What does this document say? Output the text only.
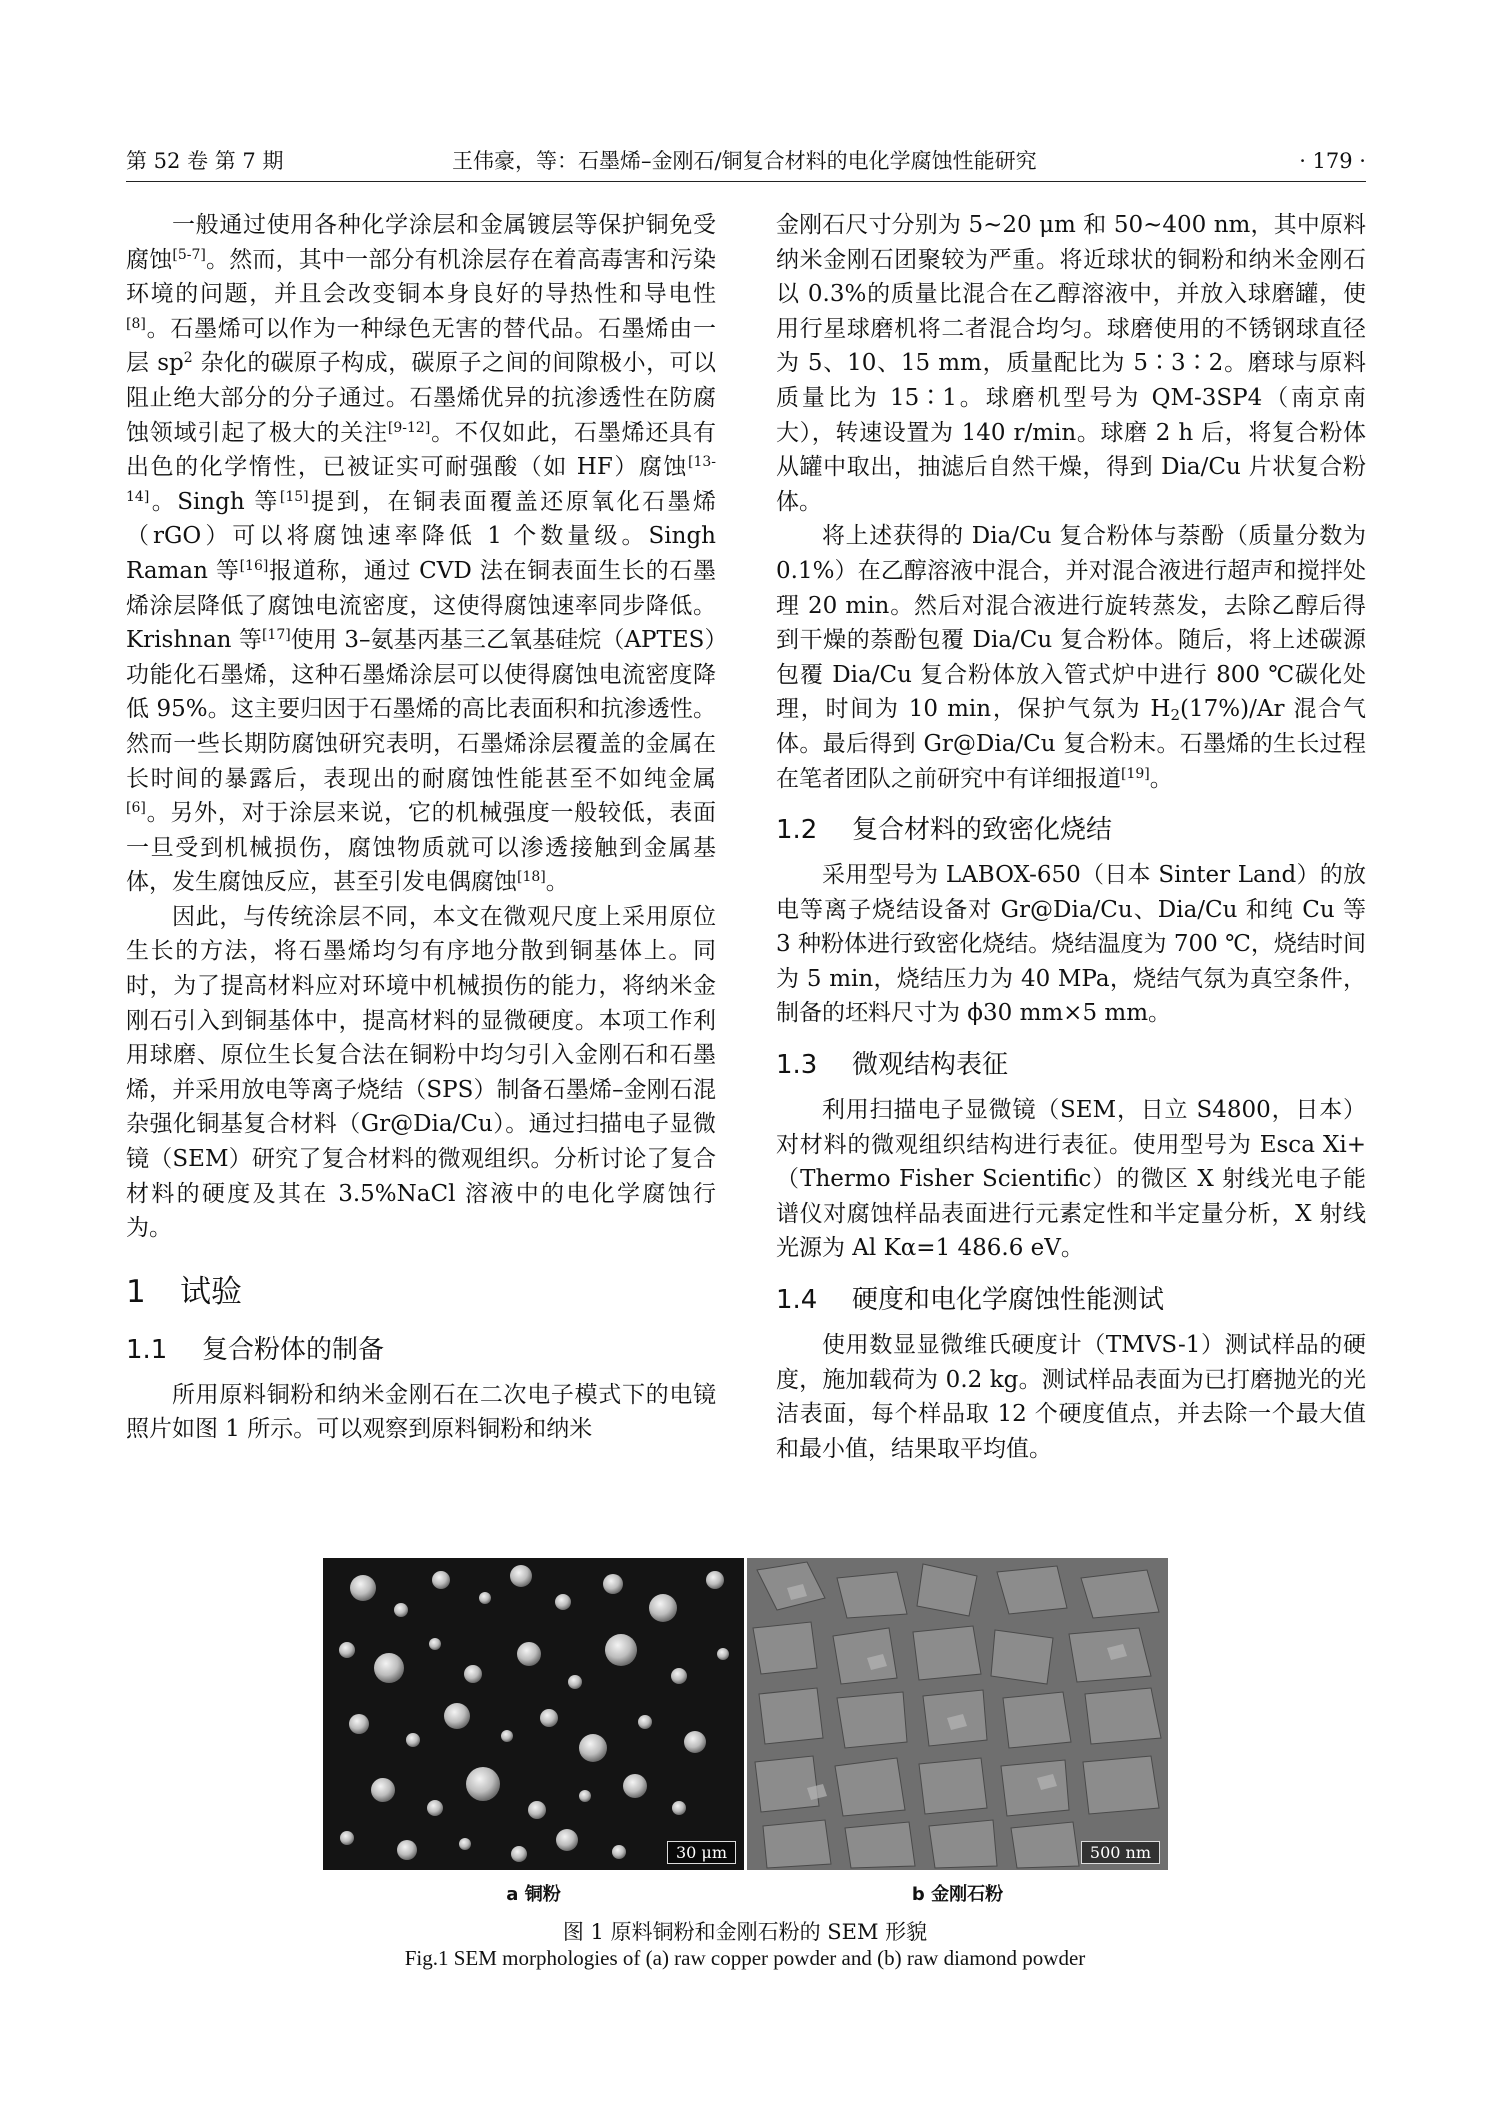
第 52 卷 第 7 期	王伟豪，等：石墨烯–金刚石/铜复合材料的电化学腐蚀性能研究	· 179 ·

一般通过使用各种化学涂层和金属镀层等保护铜免受腐蚀[5-7]。然而，其中一部分有机涂层存在着高毒害和污染环境的问题，并且会改变铜本身良好的导热性和导电性[8]。石墨烯可以作为一种绿色无害的替代品。石墨烯由一层 $sp^2$ 杂化的碳原子构成，碳原子之间的间隙极小，可以阻止绝大部分的分子通过。石墨烯优异的抗渗透性在防腐蚀领域引起了极大的关注[9-12]。不仅如此，石墨烯还具有出色的化学惰性，已被证实可耐强酸（如 HF）腐蚀[13-14]。Singh 等[15]提到，在铜表面覆盖还原氧化石墨烯（rGO）可以将腐蚀速率降低 1 个数量级。Singh Raman 等[16]报道称，通过 CVD 法在铜表面生长的石墨烯涂层降低了腐蚀电流密度，这使得腐蚀速率同步降低。Krishnan 等[17]使用 3–氨基丙基三乙氧基硅烷（APTES）功能化石墨烯，这种石墨烯涂层可以使得腐蚀电流密度降低 95%。这主要归因于石墨烯的高比表面积和抗渗透性。然而一些长期防腐蚀研究表明，石墨烯涂层覆盖的金属在长时间的暴露后，表现出的耐腐蚀性能甚至不如纯金属[6]。另外，对于涂层来说，它的机械强度一般较低，表面一旦受到机械损伤，腐蚀物质就可以渗透接触到金属基体，发生腐蚀反应，甚至引发电偶腐蚀[18]。

因此，与传统涂层不同，本文在微观尺度上采用原位生长的方法，将石墨烯均匀有序地分散到铜基体上。同时，为了提高材料应对环境中机械损伤的能力，将纳米金刚石引入到铜基体中，提高材料的显微硬度。本项工作利用球磨、原位生长复合法在铜粉中均匀引入金刚石和石墨烯，并采用放电等离子烧结（SPS）制备石墨烯–金刚石混杂强化铜基复合材料（Gr@Dia/Cu）。通过扫描电子显微镜（SEM）研究了复合材料的微观组织。分析讨论了复合材料的硬度及其在 3.5%NaCl 溶液中的电化学腐蚀行为。

1 试验
1.1 复合粉体的制备

所用原料铜粉和纳米金刚石在二次电子模式下的电镜照片如图 1 所示。可以观察到原料铜粉和纳米

金刚石尺寸分别为 5~20 μm 和 50~400 nm，其中原料纳米金刚石团聚较为严重。将近球状的铜粉和纳米金刚石以 0.3%的质量比混合在乙醇溶液中，并放入球磨罐，使用行星球磨机将二者混合均匀。球磨使用的不锈钢球直径为 5、10、15 mm，质量配比为 5∶3∶2。磨球与原料质量比为 15∶1。球磨机型号为 QM-3SP4（南京南大），转速设置为 140 r/min。球磨 2 h 后，将复合粉体从罐中取出，抽滤后自然干燥，得到 Dia/Cu 片状复合粉体。

将上述获得的 Dia/Cu 复合粉体与萘酚（质量分数为 0.1%）在乙醇溶液中混合，并对混合液进行超声和搅拌处理 20 min。然后对混合液进行旋转蒸发，去除乙醇后得到干燥的萘酚包覆 Dia/Cu 复合粉体。随后，将上述碳源包覆 Dia/Cu 复合粉体放入管式炉中进行 800 ℃碳化处理，时间为 10 min，保护气氛为 $H_2(17\%)/Ar$ 混合气体。最后得到 Gr@Dia/Cu 复合粉末。石墨烯的生长过程在笔者团队之前研究中有详细报道[19]。

1.2 复合材料的致密化烧结

采用型号为 LABOX-650（日本 Sinter Land）的放电等离子烧结设备对 Gr@Dia/Cu、Dia/Cu 和纯 Cu 等 3 种粉体进行致密化烧结。烧结温度为 700 ℃，烧结时间为 5 min，烧结压力为 40 MPa，烧结气氛为真空条件，制备的坯料尺寸为 ϕ30 mm×5 mm。

1.3 微观结构表征

利用扫描电子显微镜（SEM，日立 S4800，日本）对材料的微观组织结构进行表征。使用型号为 Esca Xi+（Thermo Fisher Scientific）的微区 X 射线光电子能谱仪对腐蚀样品表面进行元素定性和半定量分析，X 射线光源为 Al Kα=1 486.6 eV。

1.4 硬度和电化学腐蚀性能测试

使用数显显微维氏硬度计（TMVS-1）测试样品的硬度，施加载荷为 0.2 kg。测试样品表面为已打磨抛光的光洁表面，每个样品取 12 个硬度值点，并去除一个最大值和最小值，结果取平均值。

30 μm	500 nm
a 铜粉	b 金刚石粉
图 1 原料铜粉和金刚石粉的 SEM 形貌
Fig.1 SEM morphologies of (a) raw copper powder and (b) raw diamond powder
